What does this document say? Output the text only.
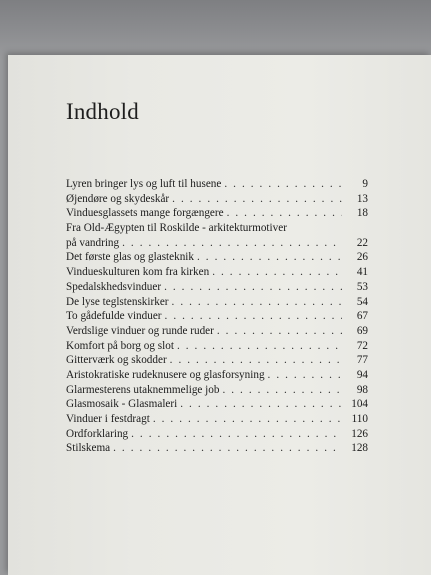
Indhold
Lyren bringer lys og luft til husene . . .	9
Øjendøre og skydeskår . . .	13
Vinduesglassets mange forgængere . . .	18
Fra Old-Ægypten til Roskilde - arkitekturmotiver
på vandring . . .	22
Det første glas og glasteknik . . .	26
Vindueskulturen kom fra kirken . . .	41
Spedalskhedsvinduer . . .	53
De lyse teglstenskirker . . .	54
To gådefulde vinduer . . .	67
Verdslige vinduer og runde ruder . . .	69
Komfort på borg og slot . . .	72
Gitterværk og skodder . . .	77
Aristokratiske rudeknusere og glasforsyning . . .	94
Glarmesterens utaknemmelige job . . .	98
Glasmosaik - Glasmaleri . . .	104
Vinduer i festdragt . . .	110
Ordforklaring . . .	126
Stilskema . . .	128
